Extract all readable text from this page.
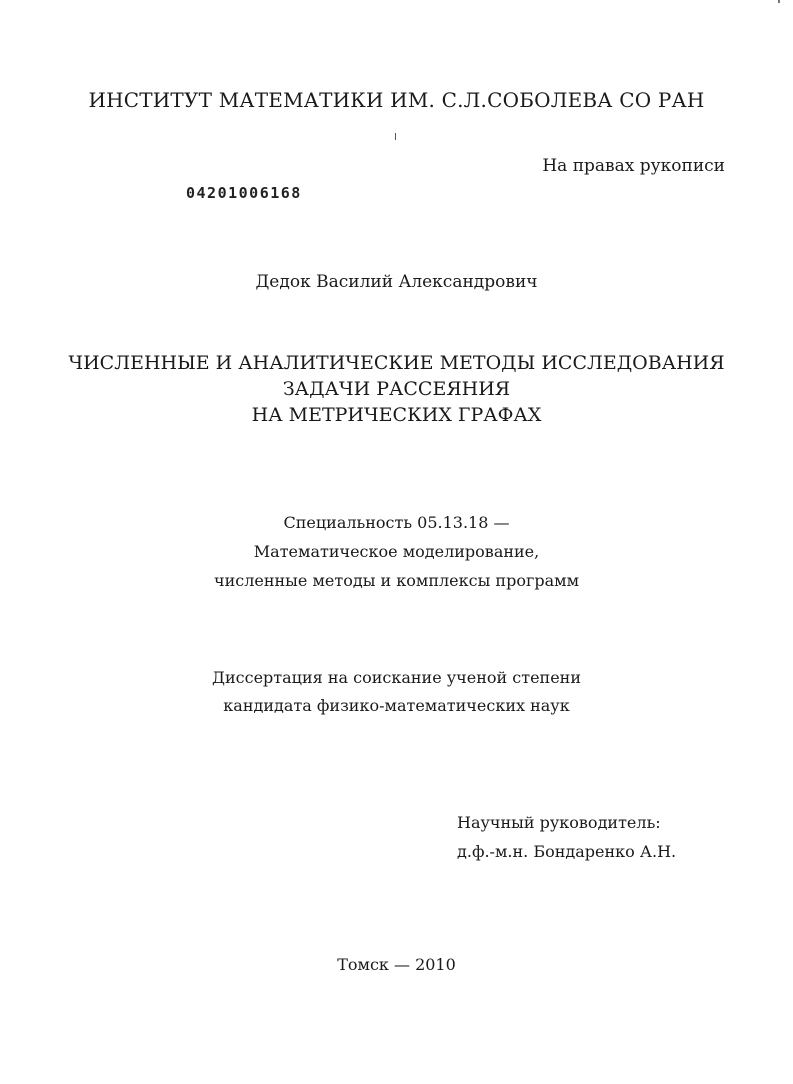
ИНСТИТУТ МАТЕМАТИКИ ИМ. С.Л.СОБОЛЕВА СО РАН
На правах рукописи
04201006168
Дедок Василий Александрович
ЧИСЛЕННЫЕ И АНАЛИТИЧЕСКИЕ МЕТОДЫ ИССЛЕДОВАНИЯ
ЗАДАЧИ РАССЕЯНИЯ
НА МЕТРИЧЕСКИХ ГРАФАХ
Специальность 05.13.18 —
Математическое моделирование,
численные методы и комплексы программ
Диссертация на соискание ученой степени
кандидата физико-математических наук
Научный руководитель:
д.ф.-м.н. Бондаренко А.Н.
Томск — 2010
